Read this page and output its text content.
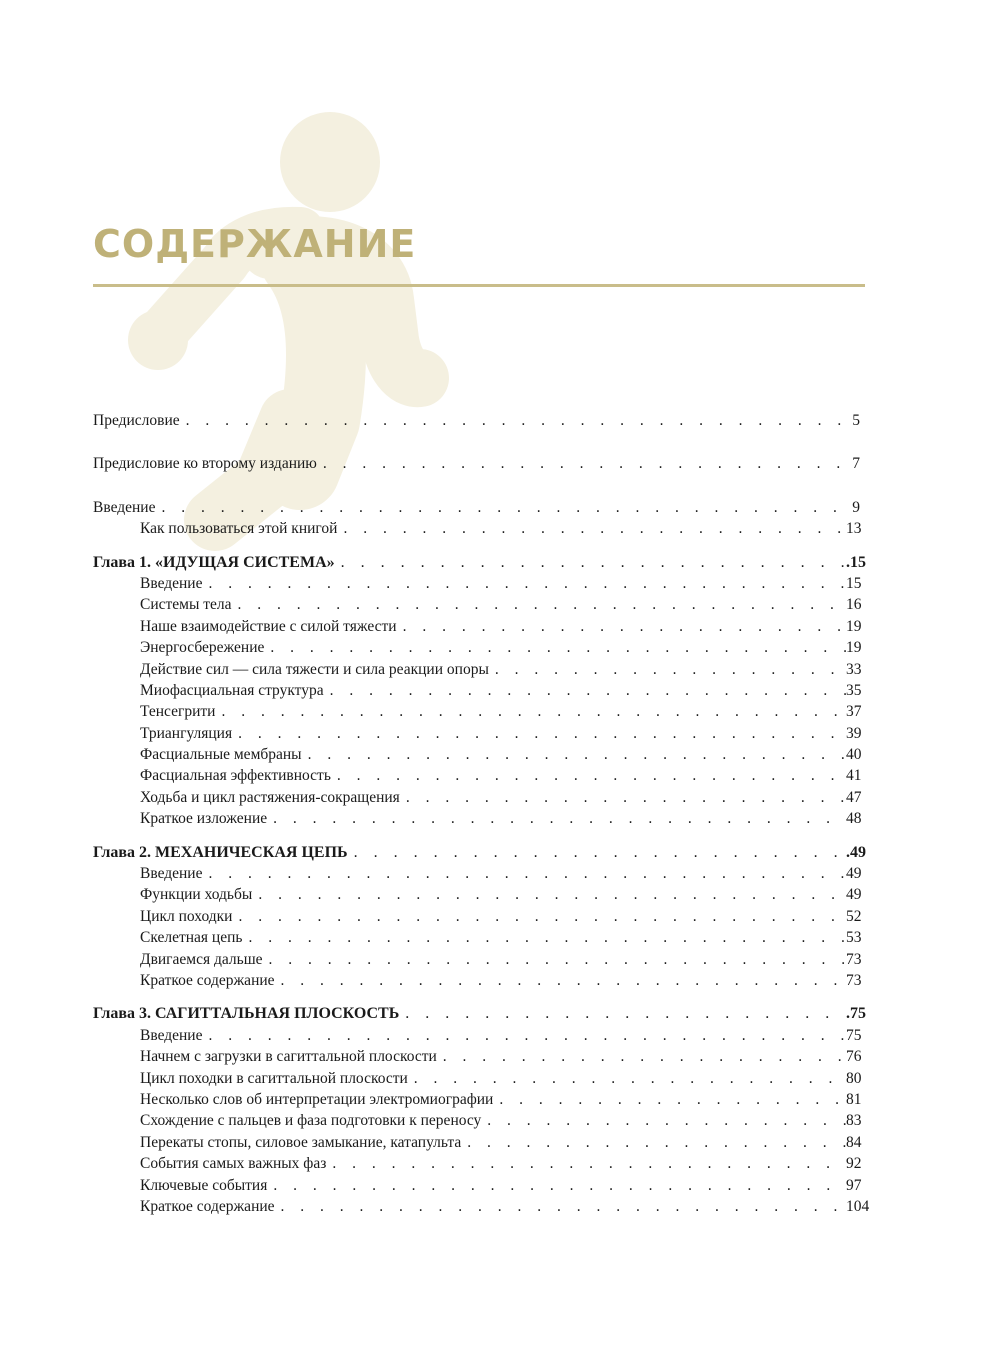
СОДЕРЖАНИЕ
Предисловие . . .	5
Предисловие ко второму изданию . . .	7
Введение . . .	9
Как пользоваться этой книгой . . .	13
Глава 1. «ИДУЩАЯ СИСТЕМА» . . .	.15
Введение . . .	15
Системы тела . . .	16
Наше взаимодействие с силой тяжести . . .	19
Энергосбережение . . .	19
Действие сил — сила тяжести и сила реакции опоры . . .	33
Миофасциальная структура . . .	35
Тенсегрити . . .	37
Триангуляция . . .	39
Фасциальные мембраны . . .	40
Фасциальная эффективность . . .	41
Ходьба и цикл растяжения-сокращения . . .	47
Краткое изложение . . .	48
Глава 2. МЕХАНИЧЕСКАЯ ЦЕПЬ . . .	.49
Введение . . .	49
Функции ходьбы . . .	49
Цикл походки . . .	52
Скелетная цепь . . .	53
Двигаемся дальше . . .	73
Краткое содержание . . .	73
Глава 3. САГИТТАЛЬНАЯ ПЛОСКОСТЬ . . .	.75
Введение . . .	75
Начнем с загрузки в сагиттальной плоскости . . .	76
Цикл походки в сагиттальной плоскости . . .	80
Несколько слов об интерпретации электромиографии . . .	81
Схождение с пальцев и фаза подготовки к переносу . . .	83
Перекаты стопы, силовое замыкание, катапульта . . .	84
События самых важных фаз . . .	92
Ключевые события . . .	97
Краткое содержание . . .	104
